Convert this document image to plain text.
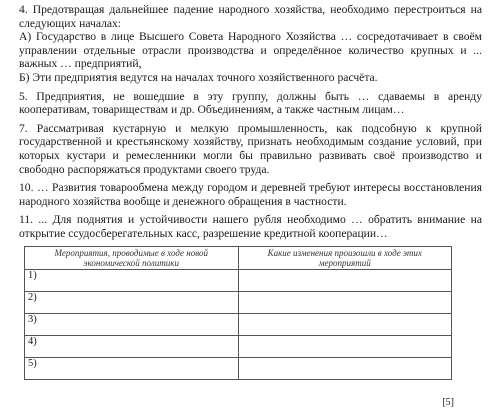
4. Предотвращая дальнейшее падение народного хозяйства, необходимо перестроиться на следующих началах:

А) Государство в лице Высшего Совета Народного Хозяйства … сосредотачивает в своём управлении отдельные отрасли производства и определённое количество крупных и ... важных … предприятий,

Б) Эти предприятия ведутся на началах точного хозяйственного расчёта.

5. Предприятия, не вошедшие в эту группу, должны быть … сдаваемы в аренду кооперативам, товариществам и др. Объединениям, а также частным лицам…

7. Рассматривая кустарную и мелкую промышленность, как подсобную к крупной государственной и крестьянскому хозяйству, признать необходимым создание условий, при которых кустари и ремесленники могли бы правильно развивать своё производство и свободно распоряжаться продуктами своего труда.

10. … Развития товарообмена между городом и деревней требуют интересы восстановления народного хозяйства вообще и денежного обращения в частности.

11. ... Для поднятия и устойчивости нашего рубля необходимо … обратить внимание на открытие ссудосберегательных касс, разрешение кредитной кооперации…

Мероприятия, проводимые в ходе новой экономической политики	Какие изменения произошли в ходе этих мероприятий
1)	
2)	
3)	
4)	
5)	
[5]
